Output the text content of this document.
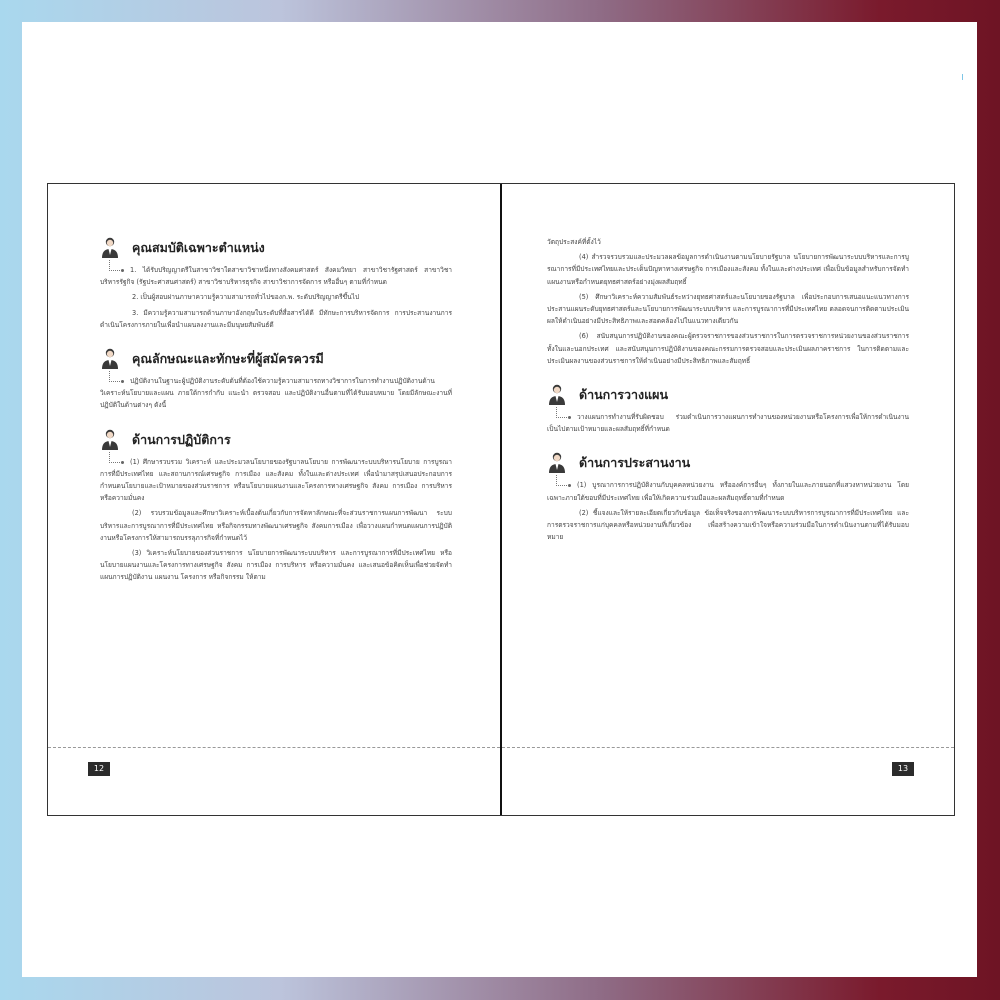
คุณสมบัติเฉพาะตำแหน่ง

1. ได้รับปริญญาตรีในสาขาวิชาใดสาขาวิชาหนึ่งทางสังคมศาสตร์ สังคมวิทยา สาขาวิชารัฐศาสตร์ สาขาวิชาบริหารรัฐกิจ (รัฐประศาสนศาสตร์) สาขาวิชาบริหารธุรกิจ สาขาวิชาการจัดการ หรืออื่นๆ ตามที่กำหนด

2. เป็นผู้สอบผ่านภาษาความรู้ความสามารถทั่วไปของก.พ. ระดับปริญญาตรีขึ้นไป

3. มีความรู้ความสามารถด้านภาษาอังกฤษในระดับที่สื่อสารได้ดี มีทักษะการบริหารจัดการ การประสานงานการดำเนินโครงการภายในเพื่อนำแผนลงงานและมีมนุษยสัมพันธ์ดี

คุณลักษณะและทักษะที่ผู้สมัครควรมี

ปฏิบัติงานในฐานะผู้ปฏิบัติงานระดับต้นที่ต้องใช้ความรู้ความสามารถทางวิชาการในการทำงานปฏิบัติงานด้านวิเคราะห์นโยบายและแผน ภายใต้การกำกับ แนะนำ ตรวจสอบ และปฏิบัติงานอื่นตามที่ได้รับมอบหมาย โดยมีลักษณะงานที่ปฏิบัติในด้านต่างๆ ดังนี้

ด้านการปฏิบัติการ

(1) ศึกษารวบรวม วิเคราะห์ และประมวลนโยบายของรัฐบาลนโยบาย การพัฒนาระบบบริหารนโยบาย การบูรณาการที่มีประเทศไทย และสถานการณ์เศรษฐกิจ การเมือง และสังคม ทั้งในและต่างประเทศ เพื่อนำมาสรุปเสนอประกอบการกำหนดนโยบายและเป้าหมายของส่วนราชการ หรือนโยบายแผนงานและโครงการทางเศรษฐกิจ สังคม การเมือง การบริหาร หรือความมั่นคง

(2) รวบรวมข้อมูลและศึกษาวิเคราะห์เบื้องต้นเกี่ยวกับการจัดหาลักษณะที่จะส่วนราชการแผนการพัฒนา ระบบบริหารและการบูรณาการที่มีประเทศไทย หรือกิจกรรมทางพัฒนาเศรษฐกิจ สังคมการเมือง เพื่อวางแผนกำหนดแผนการปฏิบัติงานหรือโครงการให้สามารถบรรลุภารกิจที่กำหนดไว้

(3) วิเคราะห์นโยบายของส่วนราชการ นโยบายการพัฒนาระบบบริหาร และการบูรณาการที่มีประเทศไทย หรือนโยบายแผนงานและโครงการทางเศรษฐกิจ สังคม การเมือง การบริหาร หรือความมั่นคง และเสนอข้อคิดเห็นเพื่อช่วยจัดทำแผนการปฏิบัติงาน แผนงาน โครงการ หรือกิจกรรม ให้ตาม

12

วัตถุประสงค์ที่ตั้งไว้

(4) สำรวจรวบรวมและประมวลผลข้อมูลการดำเนินงานตามนโยบายรัฐบาล นโยบายการพัฒนาระบบบริหารและการบูรณาการที่มีประเทศไทยและประเด็นปัญหาทางเศรษฐกิจ การเมืองและสังคม ทั้งในและต่างประเทศ เพื่อเป็นข้อมูลสำหรับการจัดทำแผนงานหรือกำหนดยุทธศาสตร์อย่างมุ่งผลสัมฤทธิ์

(5) ศึกษาวิเคราะห์ความสัมพันธ์ระหว่างยุทธศาสตร์และนโยบายของรัฐบาล เพื่อประกอบการเสนอแนะแนวทางการประสานแผนระดับยุทธศาสตร์และนโยบายการพัฒนาระบบบริหาร และการบูรณาการที่มีประเทศไทย ตลอดจนการติดตามประเมินผลให้ดำเนินอย่างมีประสิทธิภาพและสอดคล้องไปในแนวทางเดียวกัน

(6) สนับสนุนการปฏิบัติงานของคณะผู้ตรวจราชการของส่วนราชการในการตรวจราชการหน่วยงานของส่วนราชการทั้งในและนอกประเทศ และสนับสนุนการปฏิบัติงานของคณะกรรมการตรวจสอบและประเมินผลภาคราชการ ในการติดตามและประเมินผลงานของส่วนราชการให้ดำเนินอย่างมีประสิทธิภาพและสัมฤทธิ์

ด้านการวางแผน

วางแผนการทำงานที่รับผิดชอบ ร่วมดำเนินการวางแผนการทำงานของหน่วยงานหรือโครงการเพื่อให้การดำเนินงานเป็นไปตามเป้าหมายและผลสัมฤทธิ์ที่กำหนด

ด้านการประสานงาน

(1) บูรณาการการปฏิบัติงานกับบุคคลหน่วยงาน หรือองค์การอื่นๆ ทั้งภายในและภายนอกที่แสวงหาหน่วยงาน โดยเฉพาะภายใต้ขอบที่มีประเทศไทย เพื่อให้เกิดความร่วมมือและผลสัมฤทธิ์ตามที่กำหนด

(2) ชี้แจงและให้รายละเอียดเกี่ยวกับข้อมูล ข้อเท็จจริงของการพัฒนาระบบบริหารการบูรณาการที่มีประเทศไทย และการตรวจราชการแก่บุคคลหรือหน่วยงานที่เกี่ยวข้อง เพื่อสร้างความเข้าใจหรือความร่วมมือในการดำเนินงานตามที่ได้รับมอบหมาย

13
